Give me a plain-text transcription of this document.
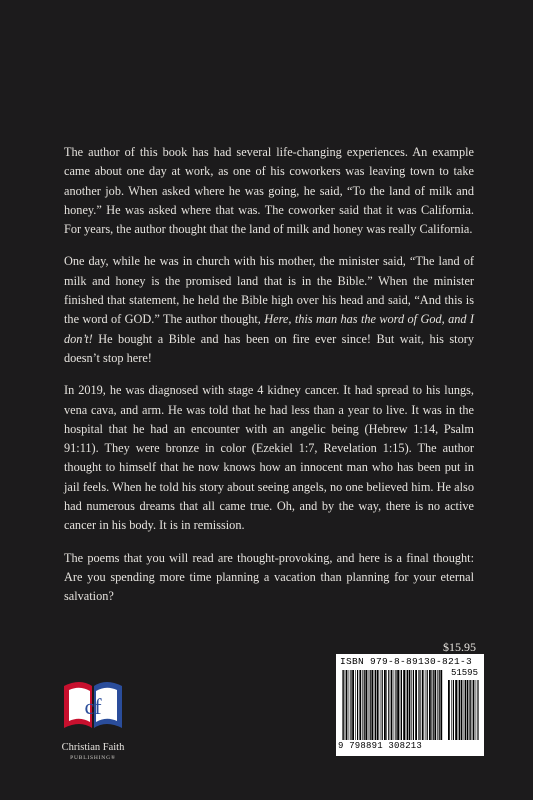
The author of this book has had several life-changing experiences. An example came about one day at work, as one of his coworkers was leaving town to take another job. When asked where he was going, he said, “To the land of milk and honey.” He was asked where that was. The coworker said that it was California. For years, the author thought that the land of milk and honey was really California.

One day, while he was in church with his mother, the minister said, “The land of milk and honey is the promised land that is in the Bible.” When the minister finished that statement, he held the Bible high over his head and said, “And this is the word of GOD.” The author thought, Here, this man has the word of God, and I don’t! He bought a Bible and has been on fire ever since! But wait, his story doesn’t stop here!

In 2019, he was diagnosed with stage 4 kidney cancer. It had spread to his lungs, vena cava, and arm. He was told that he had less than a year to live. It was in the hospital that he had an encounter with an angelic being (Hebrew 1:14, Psalm 91:11). They were bronze in color (Ezekiel 1:7, Revelation 1:15). The author thought to himself that he now knows how an innocent man who has been put in jail feels. When he told his story about seeing angels, no one believed him. He also had numerous dreams that all came true. Oh, and by the way, there is no active cancer in his body. It is in remission.

The poems that you will read are thought-provoking, and here is a final thought: Are you spending more time planning a vacation than planning for your eternal salvation?

$15.95
ISBN 979-8-89130-821-3
51595
9 798891 308213
cf
Christian Faith
PUBLISHING®
